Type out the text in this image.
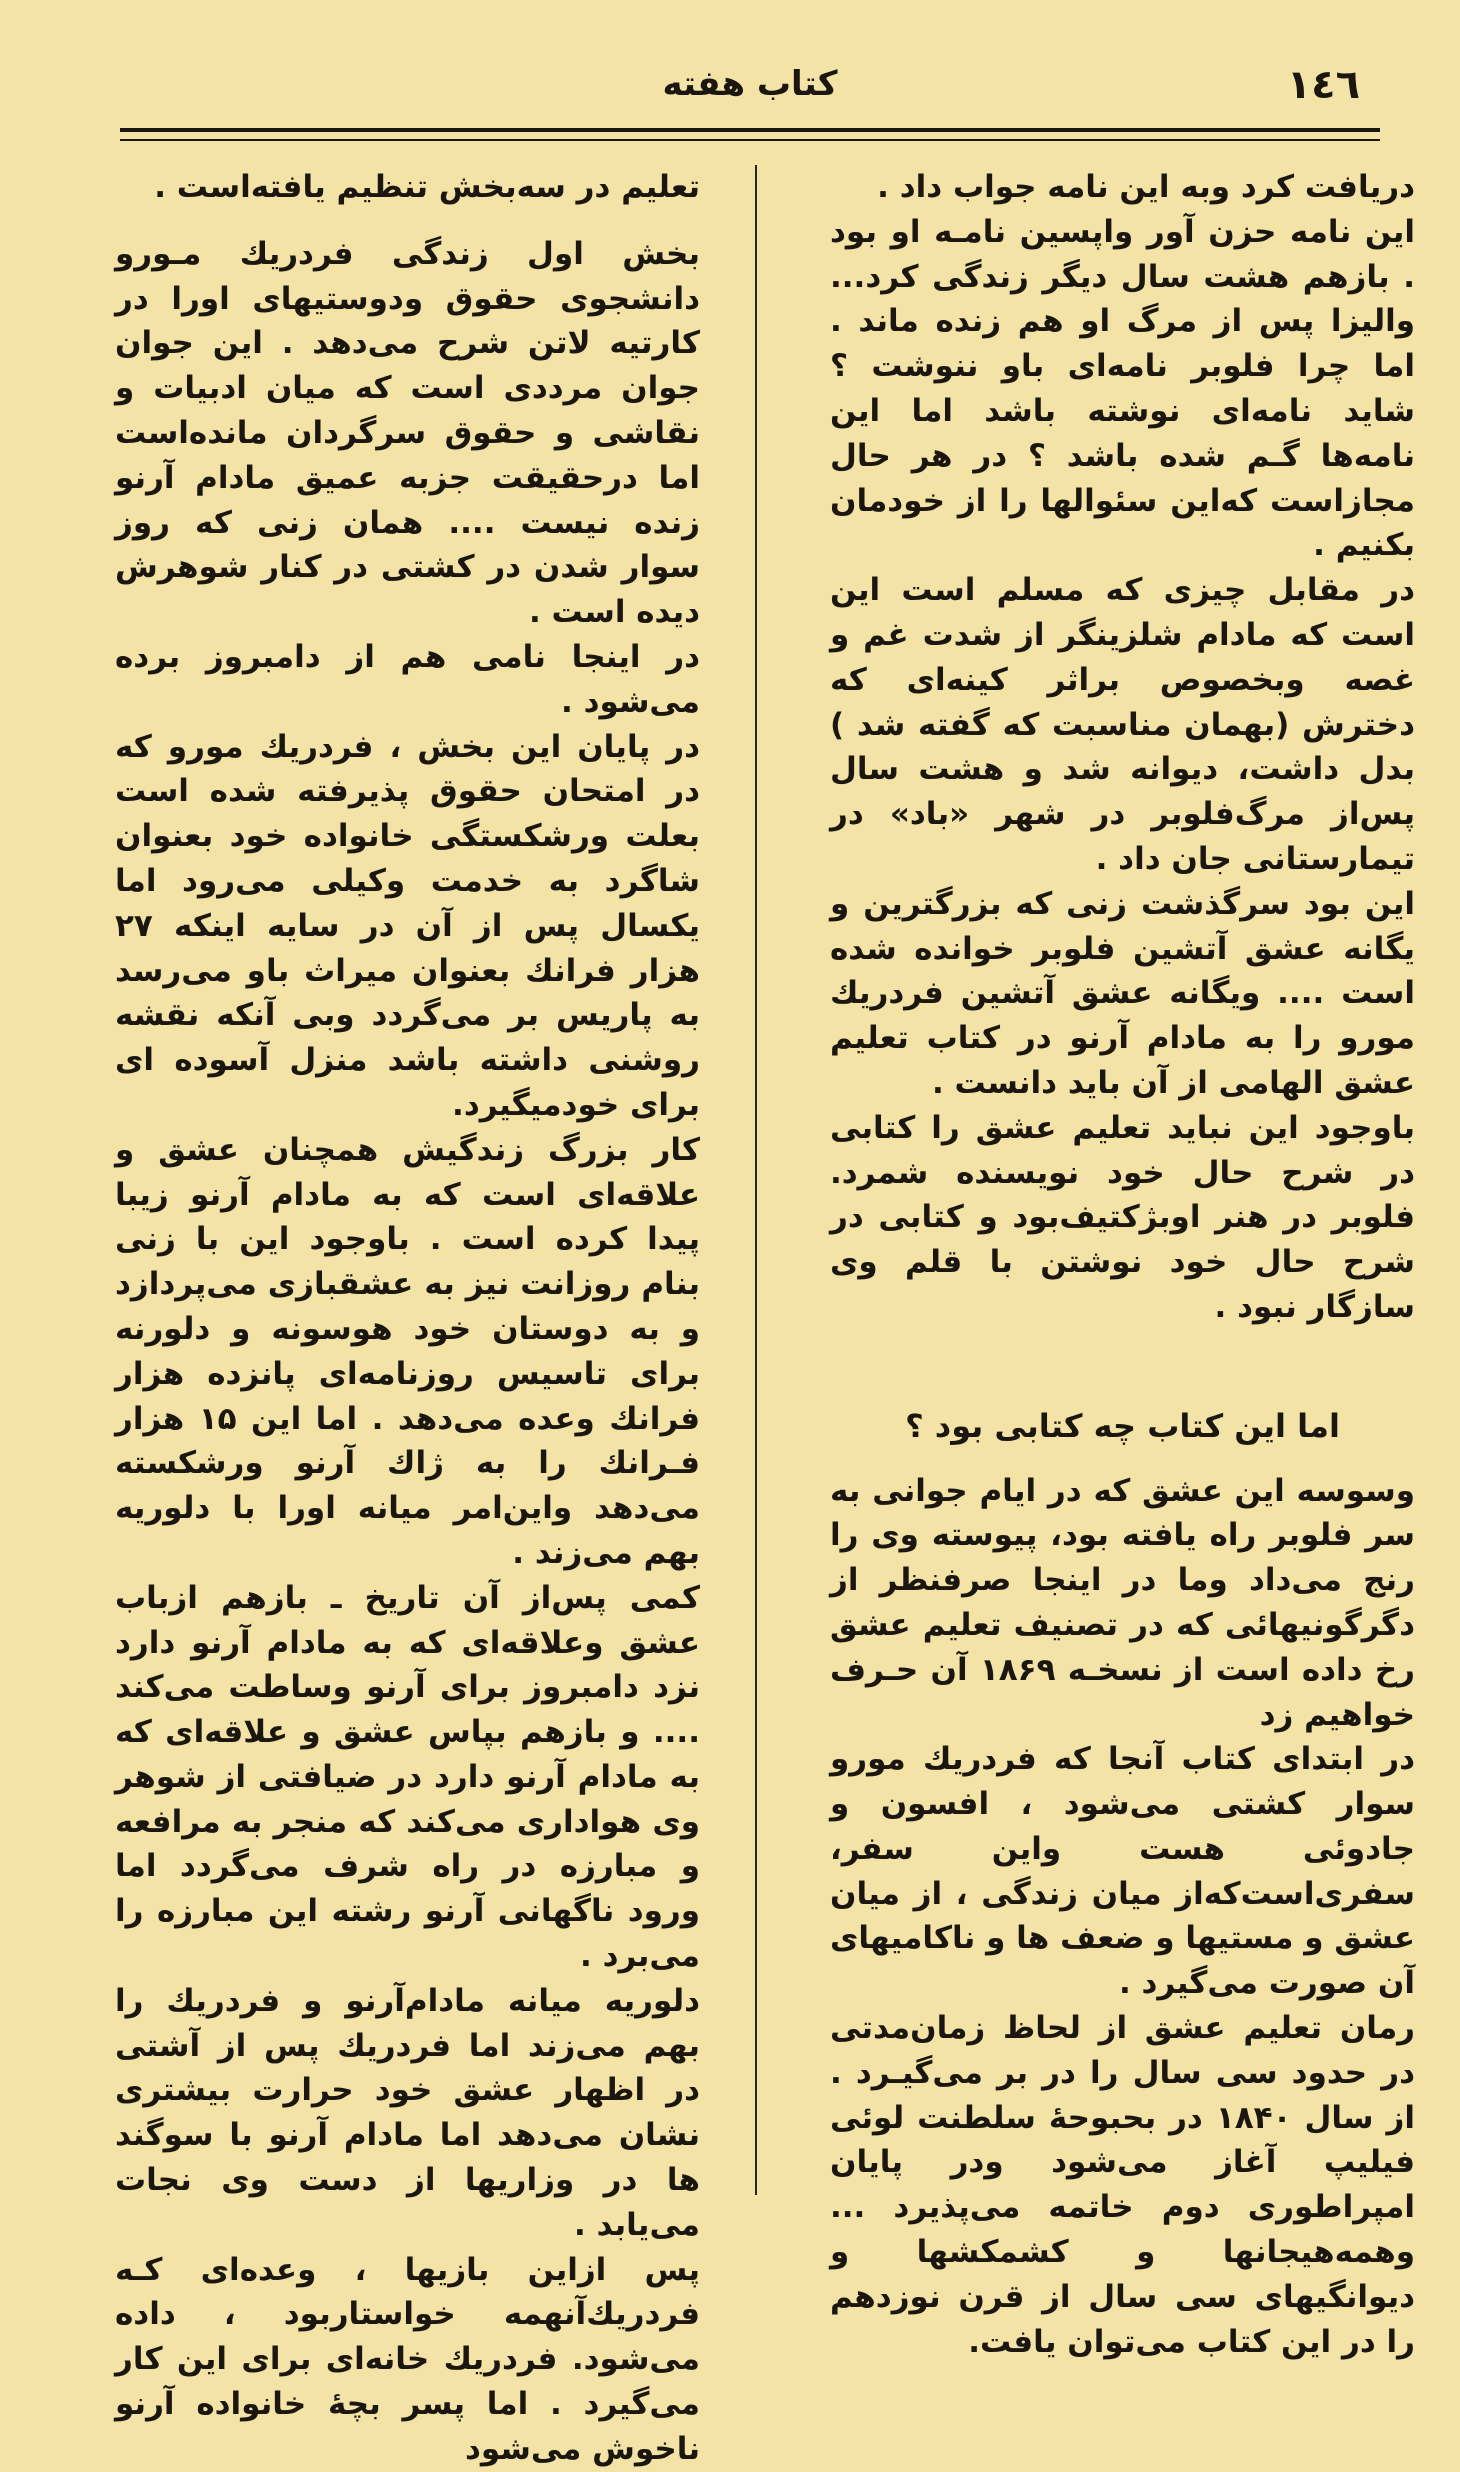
١٤٦
کتاب هفته

دریافت کرد وبه این نامه جواب داد .

این نامه حزن آور واپسین نامـه او بود . بازهم هشت سال دیگر زندگی کرد... والیزا پس از مرگ او هم زنده ماند . اما چرا فلوبر نامه‌ای باو ننوشت ؟ شاید نامه‌ای نوشته باشد اما این نامه‌ها گـم شده باشد ؟ در هر حال مجازاست که‌این سئوالها را از خودمان بکنیم .

در مقابل چیزی که مسلم است این است که مادام شلزینگر از شدت غم و غصه وبخصوص براثر کینه‌ای که دخترش (بهمان مناسبت که گفته شد ) بدل داشت، دیوانه شد و هشت سال پس‌از مرگ‌فلوبر در شهر «باد» در تیمارستانی جان داد .

این بود سرگذشت زنی که بزرگترین و یگانه عشق آتشین فلوبر خوانده شده است .... ویگانه عشق آتشین فردریك مورو را به مادام آرنو در کتاب تعلیم عشق الهامی از آن باید دانست .

باوجود این نباید تعلیم عشق را کتابی در شرح حال خود نویسنده شمرد. فلوبر در هنر اوبژکتیف‌بود و کتابی در شرح حال خود نوشتن با قلم وی سازگار نبود .

اما این کتاب چه کتابی بود ؟

وسوسه این عشق که در ایام جوانی به سر فلوبر راه یافته بود، پیوسته وی را رنج می‌داد وما در اینجا صرفنظر از دگرگونیهائی که در تصنیف تعلیم عشق رخ داده است از نسخـه ۱۸۶۹ آن حـرف خواهیم زد

در ابتدای کتاب آنجا که فردریك مورو سوار کشتی می‌شود ، افسون و جادوئی هست واین سفر، سفری‌است‌که‌از میان زندگی ، از میان عشق و مستیها و ضعف ها و ناکامیهای آن صورت می‌گیرد .

رمان تعلیم عشق از لحاظ زمان‌مدتی در حدود سی سال را در بر می‌گیـرد . از سال ۱۸۴۰ در بحبوحهٔ سلطنت لوئی فیلیپ آغاز می‌شود ودر پایان امپراطوری دوم خاتمه می‌پذیرد ... وهمه‌هیجانها و کشمکشها و دیوانگیهای سی سال از قرن نوزدهم را در این کتاب می‌توان یافت.

تعلیم در سه‌بخش تنظیم یافته‌است .

بخش اول زندگی فردریك مـورو دانشجوی حقوق ودوستیهای اورا در کارتیه لاتن شرح می‌دهد . این جوان جوان مرددی است که میان ادبیات و نقاشی و حقوق سرگردان مانده‌است اما درحقیقت جزبه عمیق مادام آرنو زنده نیست .... همان زنی که روز سوار شدن در کشتی در کنار شوهرش دیده است .

در اینجا نامی هم از دامبروز برده می‌شود .

در پایان این بخش ، فردریك مورو که در امتحان حقوق پذیرفته شده است بعلت ورشکستگی خانواده خود بعنوان شاگرد به خدمت وکیلی می‌رود اما یکسال پس از آن در سایه اینکه ۲۷ هزار فرانك بعنوان میراث باو می‌رسد به پاریس بر می‌گردد وبی آنکه نقشه روشنی داشته باشد منزل آسوده ای برای خودمیگیرد.

کار بزرگ زندگیش همچنان عشق و علاقه‌ای است که به مادام آرنو زیبا پیدا کرده است . باوجود این با زنی بنام روزانت نیز به عشقبازی می‌پردازد و به دوستان خود هوسونه و دلورنه برای تاسیس روزنامه‌ای پانزده هزار فرانك وعده می‌دهد . اما این ۱۵ هزار فـرانك را به ژاك آرنو ورشکسته می‌دهد واین‌امر میانه اورا با دلوریه بهم می‌زند .

کمی پس‌از آن تاریخ ـ بازهم ازباب عشق وعلاقه‌ای که به مادام آرنو دارد نزد دامبروز برای آرنو وساطت می‌کند .... و بازهم بپاس عشق و علاقه‌ای که به مادام آرنو دارد در ضیافتی از شوهر وی هواداری می‌کند که منجر به مرافعه و مبارزه در راه شرف می‌گردد اما ورود ناگهانی آرنو رشته این مبارزه را می‌برد .

دلوریه میانه مادام‌آرنو و فردریك را بهم می‌زند اما فردریك پس از آشتی در اظهار عشق خود حرارت بیشتری نشان می‌دهد اما مادام آرنو با سوگند ها در وزاریها از دست وی نجات می‌یابد .

پس ازاین بازیها ، وعده‌ای کـه فردریك‌آنهمه خواستاربود ، داده می‌شود. فردریك خانه‌ای برای این کار می‌گیرد . اما پسر بچهٔ خانواده آرنو ناخوش می‌شود
